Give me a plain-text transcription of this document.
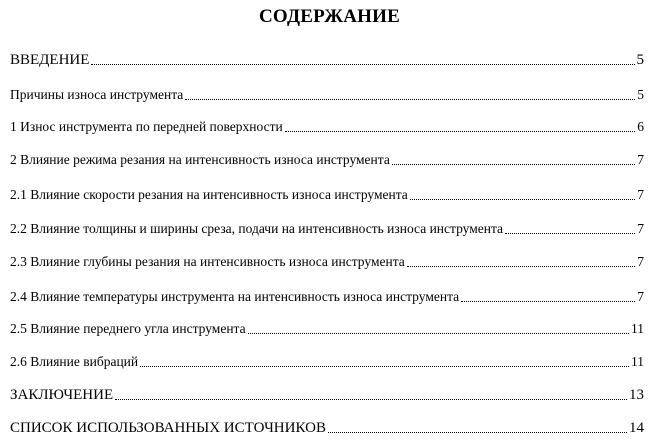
СОДЕРЖАНИЕ
ВВЕДЕНИЕ	5
Причины износа инструмента	5
1 Износ инструмента по передней поверхности	6
2 Влияние режима резания на интенсивность износа инструмента	7
2.1 Влияние скорости резания на интенсивность износа инструмента	7
2.2 Влияние толщины и ширины среза, подачи на интенсивность износа инструмента	7
2.3 Влияние глубины резания на интенсивность износа инструмента	7
2.4 Влияние температуры инструмента на интенсивность износа инструмента	7
2.5 Влияние переднего угла инструмента	11
2.6 Влияние вибраций	11
ЗАКЛЮЧЕНИЕ	13
СПИСОК ИСПОЛЬЗОВАННЫХ ИСТОЧНИКОВ	14
